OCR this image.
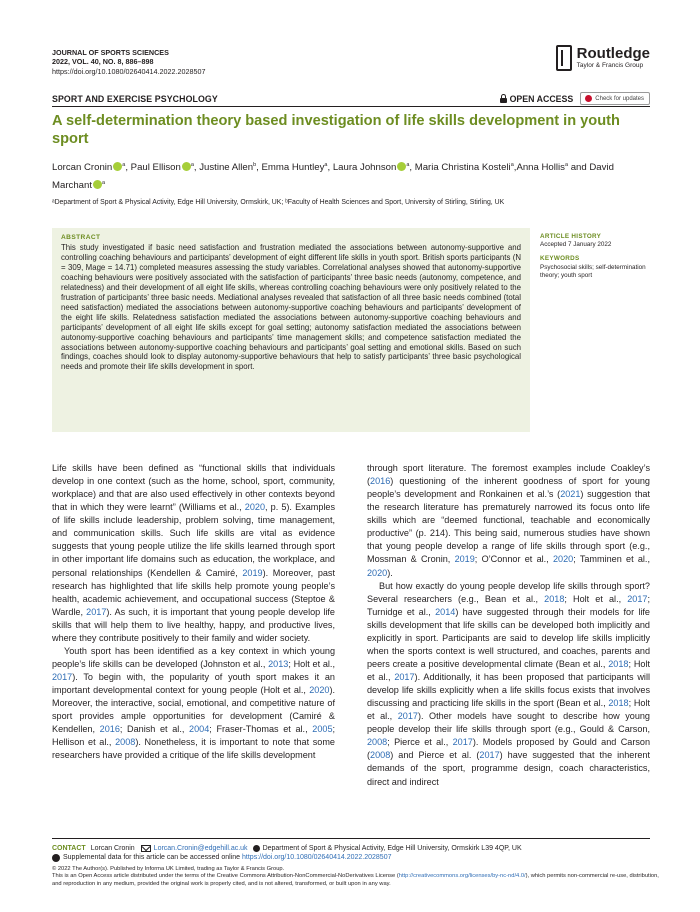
JOURNAL OF SPORTS SCIENCES
2022, VOL. 40, NO. 8, 886–898
https://doi.org/10.1080/02640414.2022.2028507
Routledge
Taylor & Francis Group
SPORT AND EXERCISE PSYCHOLOGY	OPEN ACCESS	Check for updates
A self-determination theory based investigation of life skills development in youth sport
Lorcan Cronin $^a$, Paul Ellison $^a$, Justine Allen$^b$, Emma Huntley$^a$, Laura Johnson $^a$, Maria Christina Kosteli$^a$,Anna Hollis$^a$ and David Marchant $^a$
ᵃDepartment of Sport & Physical Activity, Edge Hill University, Ormskirk, UK; ᵇFaculty of Health Sciences and Sport, University of Stirling, Stirling, UK
ABSTRACT

This study investigated if basic need satisfaction and frustration mediated the associations between autonomy-supportive and controlling coaching behaviours and participants’ development of eight different life skills in youth sport. British sports participants (N = 309, Mage = 14.71) completed measures assessing the study variables. Correlational analyses showed that autonomy-supportive coaching behaviours were positively associated with the satisfaction of participants’ three basic needs (autonomy, competence, and relatedness) and their development of all eight life skills, whereas controlling coaching behaviours were only positively related to the frustration of participants’ three basic needs. Mediational analyses revealed that satisfaction of all three basic needs combined (total need satisfaction) mediated the associations between autonomy-supportive coaching behaviours and participants’ development of the eight life skills. Relatedness satisfaction mediated the associations between autonomy-supportive coaching behaviours and participants’ development of all eight life skills except for goal setting; autonomy satisfaction mediated the associations between autonomy-supportive coaching behaviours and participants’ time management skills; and competence satisfaction mediated the associations between autonomy-supportive coaching behaviours and participants’ goal setting and emotional skills. Based on such findings, coaches should look to display autonomy-supportive behaviours that help to satisfy participants’ three basic psychological needs and promote their life skills development in sport.

ARTICLE HISTORY
Accepted 7 January 2022
KEYWORDS
Psychosocial skills; self-determination theory; youth sport

Life skills have been defined as “functional skills that individuals develop in one context (such as the home, school, sport, community, workplace) and that are also used effectively in other contexts beyond that in which they were learnt” (Williams et al., 2020, p. 5). Examples of life skills include leadership, problem solving, time management, and communication skills. Such life skills are vital as evidence suggests that young people utilize the life skills learned through sport in other important life domains such as education, the workplace, and personal relationships (Kendellen & Camiré, 2019). Moreover, past research has highlighted that life skills help promote young people’s health, academic achievement, and occupational success (Steptoe & Wardle, 2017). As such, it is important that young people develop life skills that will help them to live healthy, happy, and productive lives, where they contribute positively to their family and wider society.

Youth sport has been identified as a key context in which young people’s life skills can be developed (Johnston et al., 2013; Holt et al., 2017). To begin with, the popularity of youth sport makes it an important developmental context for young people (Holt et al., 2020). Moreover, the interactive, social, emotional, and competitive nature of sport provides ample opportunities for development (Camiré & Kendellen, 2016; Danish et al., 2004; Fraser-Thomas et al., 2005; Hellison et al., 2008). Nonetheless, it is important to note that some researchers have provided a critique of the life skills development

through sport literature. The foremost examples include Coakley’s (2016) questioning of the inherent goodness of sport for young people’s development and Ronkainen et al.’s (2021) suggestion that the research literature has prematurely narrowed its focus onto life skills which are “deemed functional, teachable and economically productive” (p. 214). This being said, numerous studies have shown that young people develop a range of life skills through sport (e.g., Mossman & Cronin, 2019; O’Connor et al., 2020; Tamminen et al., 2020).

But how exactly do young people develop life skills through sport? Several researchers (e.g., Bean et al., 2018; Holt et al., 2017; Turnidge et al., 2014) have suggested through their models for life skills development that life skills can be developed both implicitly and explicitly in sport. Participants are said to develop life skills implicitly when the sports context is well structured, and coaches, parents and peers create a positive developmental climate (Bean et al., 2018; Holt et al., 2017). Additionally, it has been proposed that participants will develop life skills explicitly when a life skills focus exists that involves discussing and practicing life skills in the sport (Bean et al., 2018; Holt et al., 2017). Other models have sought to describe how young people develop their life skills through sport (e.g., Gould & Carson, 2008; Pierce et al., 2017). Models proposed by Gould and Carson (2008) and Pierce et al. (2017) have suggested that the inherent demands of the sport, programme design, coach characteristics, direct and indirect

CONTACT Lorcan Cronin	Lorcan.Cronin@edgehill.ac.uk Department of Sport & Physical Activity, Edge Hill University, Ormskirk L39 4QP, UK
Supplemental data for this article can be accessed online
https://doi.org/10.1080/02640414.2022.2028507
© 2022 The Author(s). Published by Informa UK Limited, trading as Taylor & Francis Group.
This is an Open Access article distributed under the terms of the Creative Commons Attribution-NonCommercial-NoDerivatives License (http://creativecommons.org/licenses/by-nc-nd/4.0/), which permits non-commercial re-use, distribution, and reproduction in any medium, provided the original work is properly cited, and is not altered, transformed, or built upon in any way.
